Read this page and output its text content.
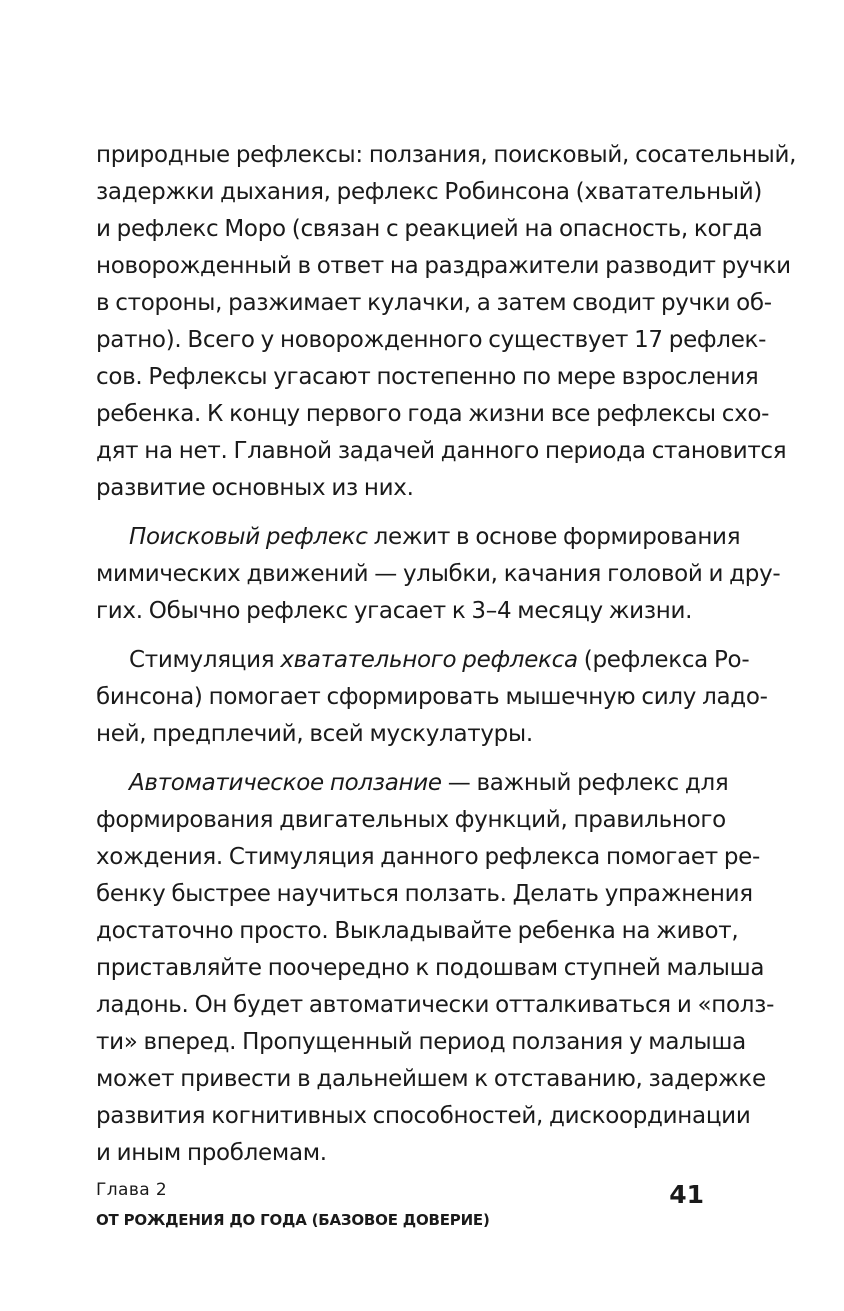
природные рефлексы: ползания, поисковый, сосательный,
задержки дыхания, рефлекс Робинсона (хватательный)
и рефлекс Моро (связан с реакцией на опасность, когда
новорожденный в ответ на раздражители разводит ручки
в стороны, разжимает кулачки, а затем сводит ручки об-
ратно). Всего у новорожденного существует 17 рефлек-
сов. Рефлексы угасают постепенно по мере взросления
ребенка. К концу первого года жизни все рефлексы схо-
дят на нет. Главной задачей данного периода становится
развитие основных из них.
Поисковый рефлекс лежит в основе формирования
мимических движений — улыбки, качания головой и дру-
гих. Обычно рефлекс угасает к 3–4 месяцу жизни.
Стимуляция хватательного рефлекса (рефлекса Ро-
бинсона) помогает сформировать мышечную силу ладо-
ней, предплечий, всей мускулатуры.
Автоматическое ползание — важный рефлекс для
формирования двигательных функций, правильного
хождения. Стимуляция данного рефлекса помогает ре-
бенку быстрее научиться ползать. Делать упражнения
достаточно просто. Выкладывайте ребенка на живот,
приставляйте поочередно к подошвам ступней малыша
ладонь. Он будет автоматически отталкиваться и «полз-
ти» вперед. Пропущенный период ползания у малыша
может привести в дальнейшем к отставанию, задержке
развития когнитивных способностей, дискоординации
и иным проблемам.
Глава 2
ОТ РОЖДЕНИЯ ДО ГОДА (БАЗОВОЕ ДОВЕРИЕ)
41
